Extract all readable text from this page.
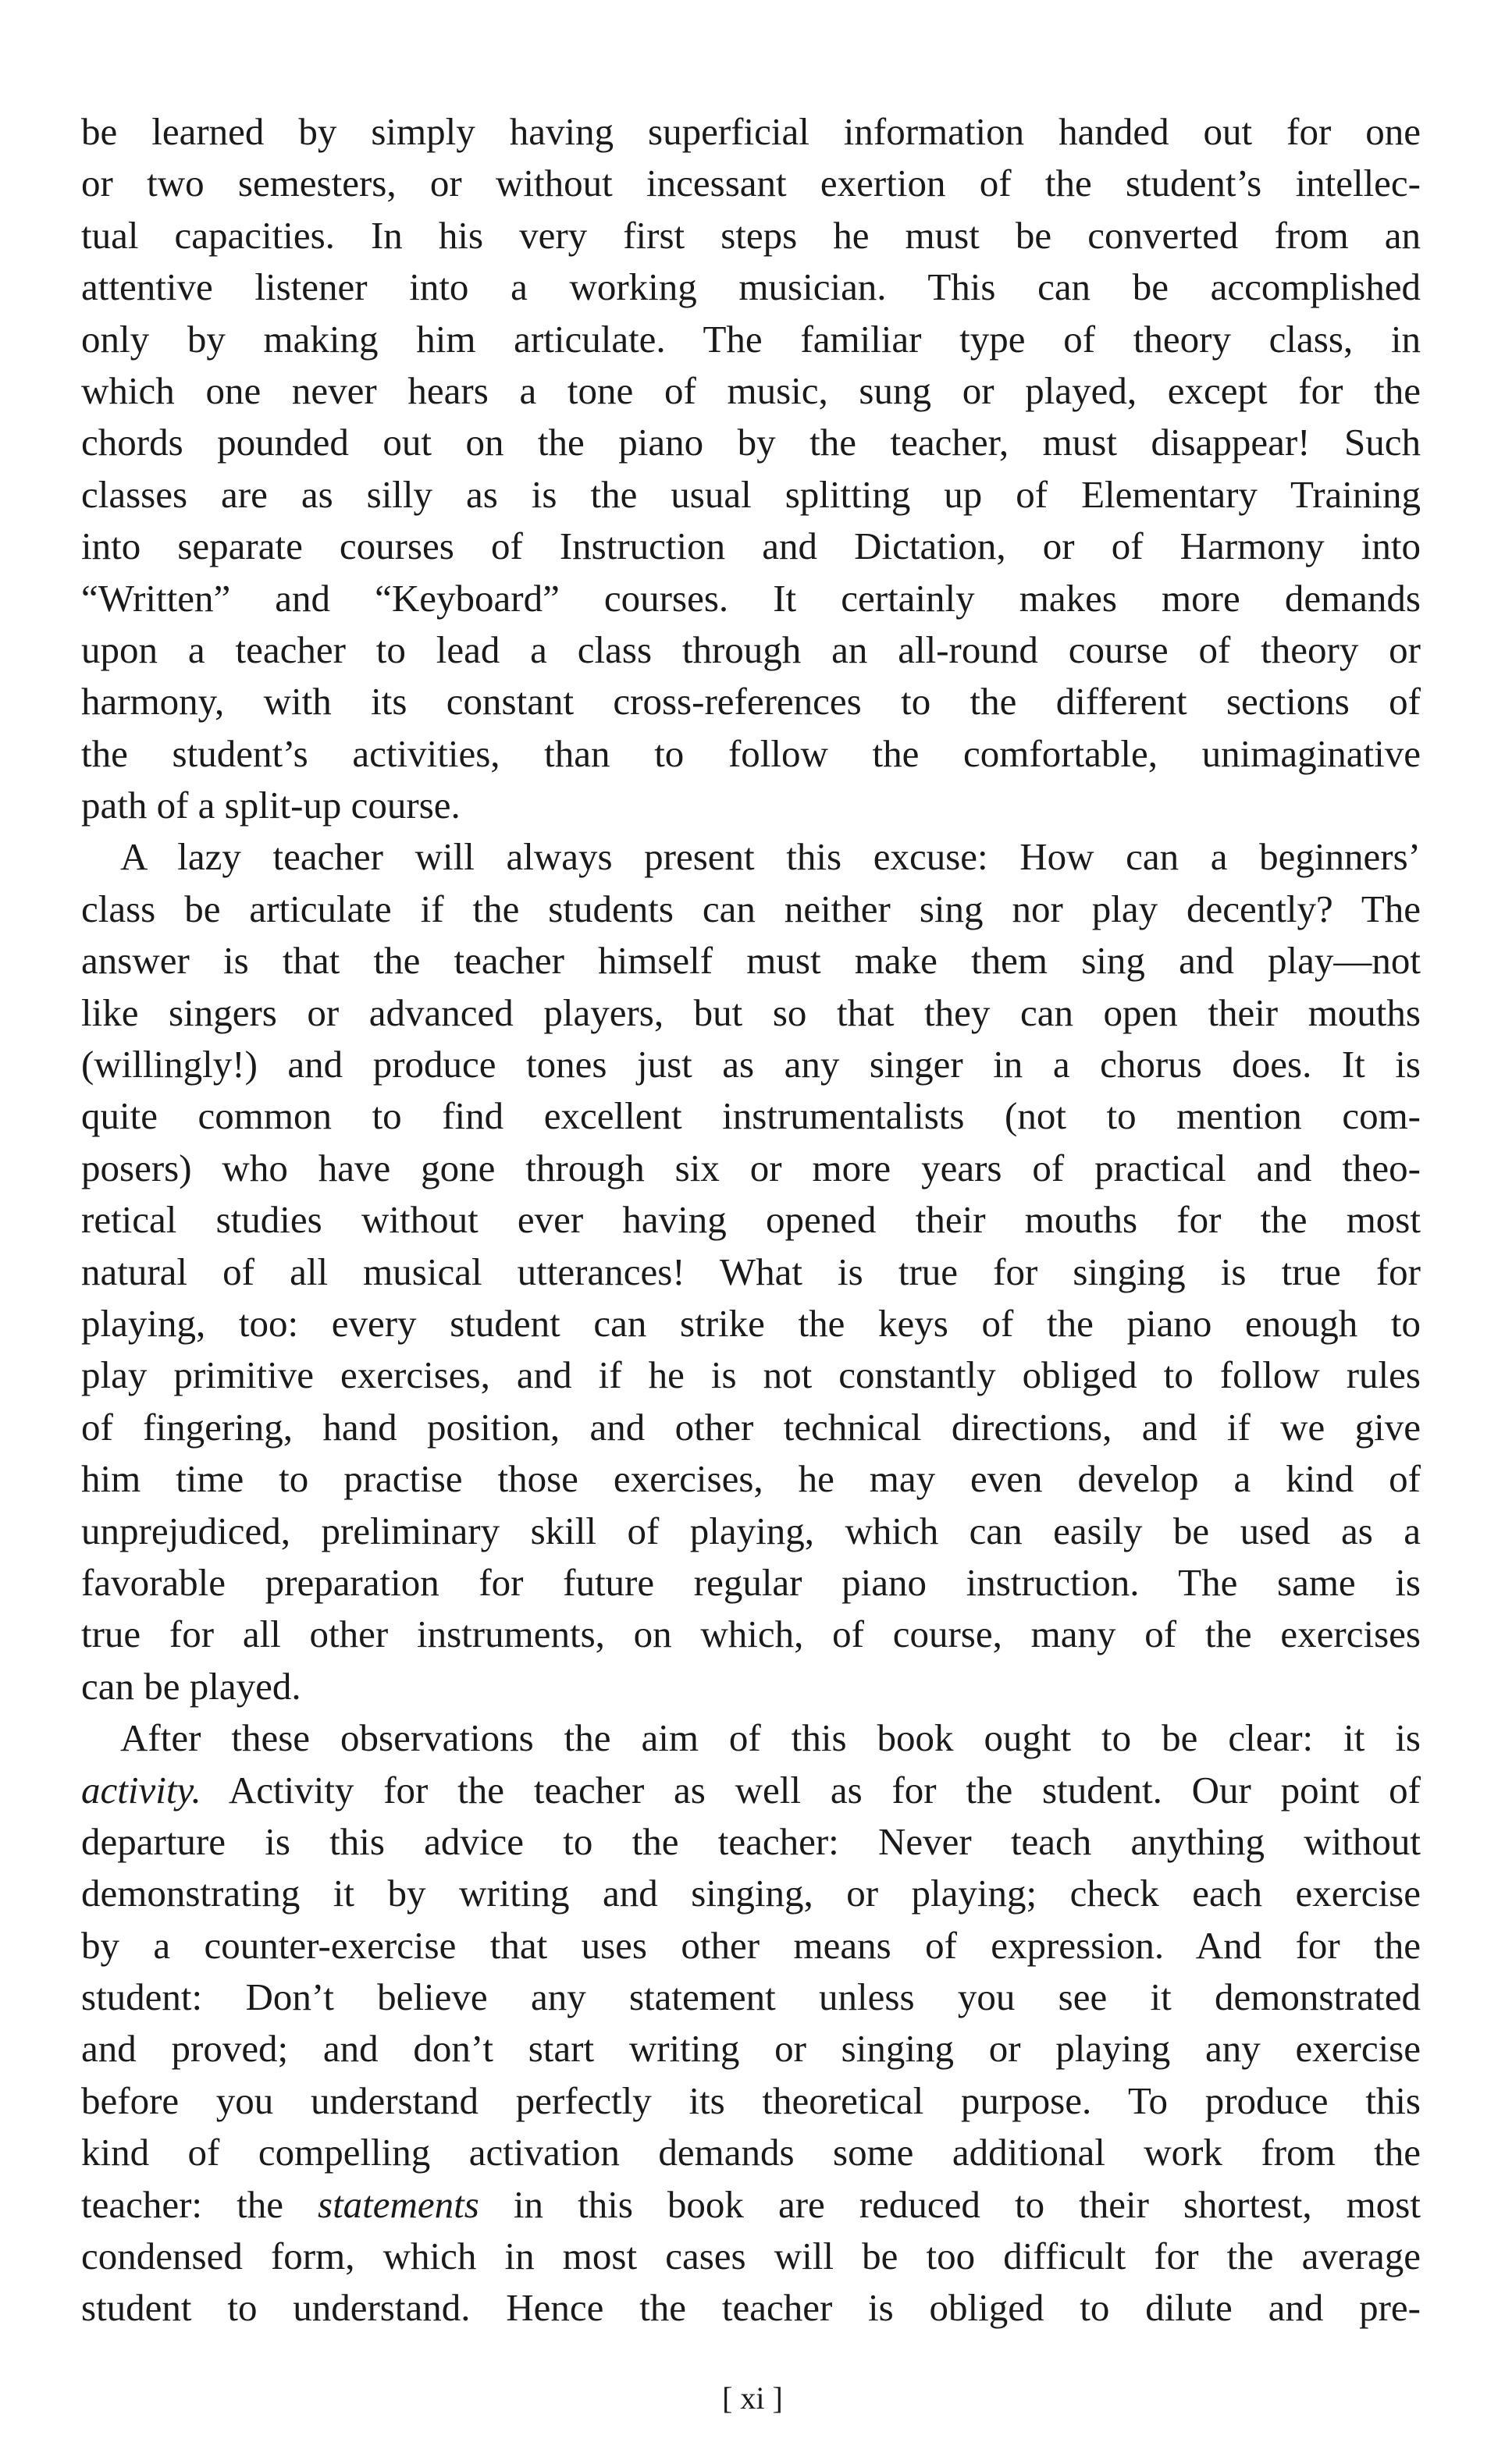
be learned by simply having superficial information handed out for one
or two semesters, or without incessant exertion of the student’s intellec-
tual capacities. In his very first steps he must be converted from an
attentive listener into a working musician. This can be accomplished
only by making him articulate. The familiar type of theory class, in
which one never hears a tone of music, sung or played, except for the
chords pounded out on the piano by the teacher, must disappear! Such
classes are as silly as is the usual splitting up of Elementary Training
into separate courses of Instruction and Dictation, or of Harmony into
“Written” and “Keyboard” courses. It certainly makes more demands
upon a teacher to lead a class through an all-round course of theory or
harmony, with its constant cross-references to the different sections of
the student’s activities, than to follow the comfortable, unimaginative
path of a split-up course.
A lazy teacher will always present this excuse: How can a beginners’
class be articulate if the students can neither sing nor play decently? The
answer is that the teacher himself must make them sing and play—not
like singers or advanced players, but so that they can open their mouths
(willingly!) and produce tones just as any singer in a chorus does. It is
quite common to find excellent instrumentalists (not to mention com-
posers) who have gone through six or more years of practical and theo-
retical studies without ever having opened their mouths for the most
natural of all musical utterances! What is true for singing is true for
playing, too: every student can strike the keys of the piano enough to
play primitive exercises, and if he is not constantly obliged to follow rules
of fingering, hand position, and other technical directions, and if we give
him time to practise those exercises, he may even develop a kind of
unprejudiced, preliminary skill of playing, which can easily be used as a
favorable preparation for future regular piano instruction. The same is
true for all other instruments, on which, of course, many of the exercises
can be played.
After these observations the aim of this book ought to be clear: it is
activity. Activity for the teacher as well as for the student. Our point of
departure is this advice to the teacher: Never teach anything without
demonstrating it by writing and singing, or playing; check each exercise
by a counter-exercise that uses other means of expression. And for the
student: Don’t believe any statement unless you see it demonstrated
and proved; and don’t start writing or singing or playing any exercise
before you understand perfectly its theoretical purpose. To produce this
kind of compelling activation demands some additional work from the
teacher: the statements in this book are reduced to their shortest, most
condensed form, which in most cases will be too difficult for the average
student to understand. Hence the teacher is obliged to dilute and pre-
[ xi ]
